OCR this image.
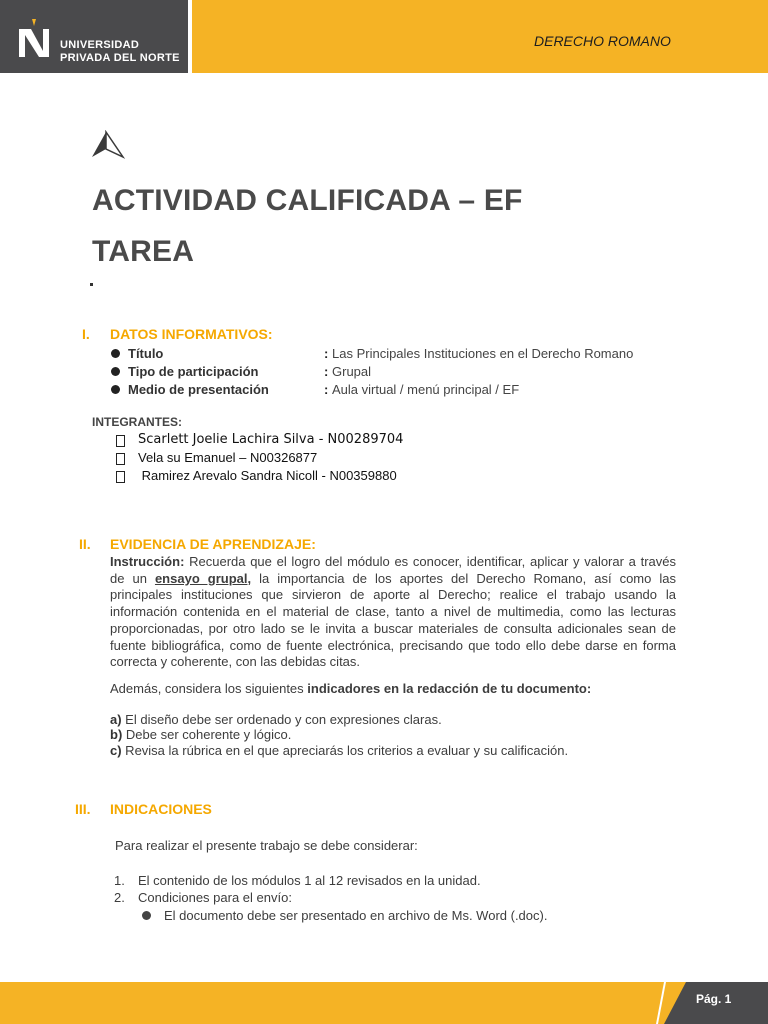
UNIVERSIDAD
PRIVADA DEL NORTE
DERECHO ROMANO
ACTIVIDAD CALIFICADA – EF
TAREA
I. DATOS INFORMATIVOS:
Título	: Las Principales Instituciones en el Derecho Romano
Tipo de participación	: Grupal
Medio de presentación	: Aula virtual / menú principal / EF
INTEGRANTES:
Scarlett Joelie Lachira Silva - N00289704
Vela su Emanuel – N00326877
Ramirez Arevalo Sandra Nicoll - N00359880
II. EVIDENCIA DE APRENDIZAJE:
Instrucción: Recuerda que el logro del módulo es conocer, identificar, aplicar y valorar a través de un ensayo grupal, la importancia de los aportes del Derecho Romano, así como las principales instituciones que sirvieron de aporte al Derecho; realice el trabajo usando la información contenida en el material de clase, tanto a nivel de multimedia, como las lecturas proporcionadas, por otro lado se le invita a buscar materiales de consulta adicionales sean de fuente bibliográfica, como de fuente electrónica, precisando que todo ello debe darse en forma correcta y coherente, con las debidas citas.
Además, considera los siguientes indicadores en la redacción de tu documento:
a) El diseño debe ser ordenado y con expresiones claras.
b) Debe ser coherente y lógico.
c) Revisa la rúbrica en el que apreciarás los criterios a evaluar y su calificación.
III. INDICACIONES
Para realizar el presente trabajo se debe considerar:
1. El contenido de los módulos 1 al 12 revisados en la unidad.
2. Condiciones para el envío:
El documento debe ser presentado en archivo de Ms. Word (.doc).
Pág. 1
